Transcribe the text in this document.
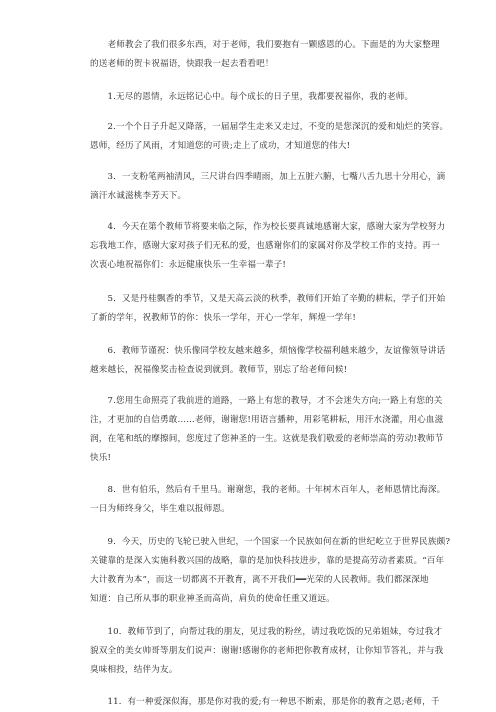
　　老师教会了我们很多东西，对于老师，我们要抱有一颗感恩的心。下面是的为大家整理
的送老师的贺卡祝福语，快跟我一起去看看吧！

　　1.无尽的恩情，永远铭记心中。每个成长的日子里，我都要祝福你，我的老师。

　　2.一个个日子升起又降落，一届届学生走来又走过，不变的是您深沉的爱和灿烂的笑容。
恩师，经历了风雨，才知道您的可贵;走上了成功，才知道您的伟大!

　　3．一支粉笔两袖清风，三尺讲台四季晴雨，加上五脏六腑，七嘴八舌九思十分用心，滴
滴汗水诚滋桃李芳天下。

　　4．今天在第个教师节将要来临之际，作为校长要真诚地感谢大家，感谢大家为学校努力
忘我地工作，感谢大家对孩子们无私的爱，也感谢你们的家属对你及学校工作的支持。再一
次衷心地祝福你们：永远健康快乐一生幸福一辈子!

　　5．又是丹桂飘香的季节，又是天高云淡的秋季，教师们开始了辛勤的耕耘，学子们开始
了新的学年，祝教师节的你：快乐一学年，开心一学年，辉煌一学年!

　　6．教师节谨祝：快乐像同学校友越来越多，烦恼像学校福利越来越少，友谊像领导讲话
越来越长，祝福像奖击检查说到就到。教师节，别忘了给老师问候!

　　7.您用生命照亮了我前进的道路，一路上有您的教导，才不会迷失方向;一路上有您的关
注，才更加的自信勇敢……老师，谢谢您!用语言播种，用彩笔耕耘，用汗水浇灌，用心血滋
润，在笔和纸的摩擦间，您度过了您神圣的一生。这就是我们敬爱的老师崇高的劳动!教师节
快乐!

　　8．世有伯乐，然后有千里马。谢谢您，我的老师。十年树木百年人，老师恩情比海深。
一日为师终身父，毕生难以报师恩。

　　9．今天，历史的飞轮已驶入世纪，一个国家一个民族如何在新的世纪屹立于世界民族颇?
关键靠的是深入实施科教兴国的战略，靠的是加快科技进步，靠的是提高劳动者素质。“百年
大计教育为本”，而这一切都离不开教育，离不开我们━━光荣的人民教师。我们都深深地
知道：自己所从事的职业神圣而高尚，肩负的使命任重又道远。

　　10．教师节到了，向帮过我的朋友，见过我的粉丝，请过我吃饭的兄弟姐妹，夸过我才
貌双全的美女帅哥等朋友们说声：谢谢!感谢你的老师把你教育成材，让你知节答礼，并与我
臭味相投，结伴为友。

　　11．有一种爱深似海，那是你对我的爱;有一种思不断索，那是你的教育之恩;老师，千
